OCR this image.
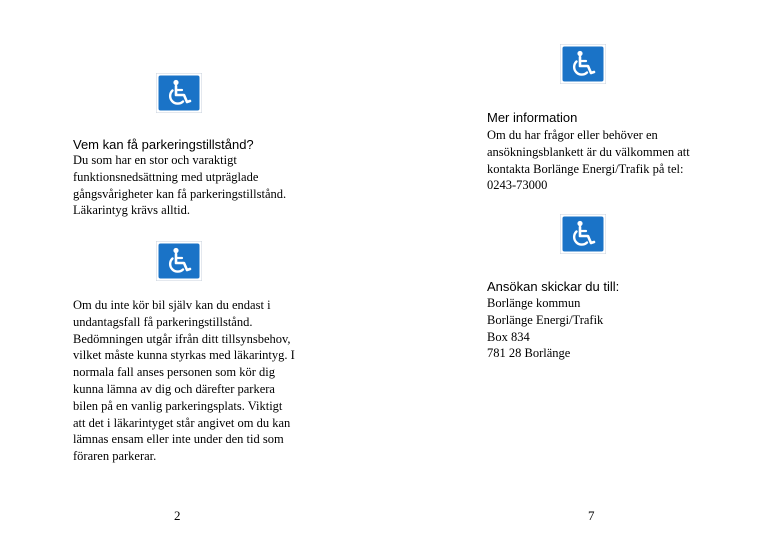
Vem kan få parkeringstillstånd?
Du som har en stor och varaktigt
funktionsnedsättning med utpräglade
gångsvårigheter kan få parkeringstillstånd.
Läkarintyg krävs alltid.
Om du inte kör bil själv kan du endast i
undantagsfall få parkeringstillstånd.
Bedömningen utgår ifrån ditt tillsynsbehov,
vilket måste kunna styrkas med läkarintyg. I
normala fall anses personen som kör dig
kunna lämna av dig och därefter parkera
bilen på en vanlig parkeringsplats. Viktigt
att det i läkarintyget står angivet om du kan
lämnas ensam eller inte under den tid som
föraren parkerar.
2
Mer information
Om du har frågor eller behöver en
ansökningsblankett är du välkommen att
kontakta Borlänge Energi/Trafik på tel:
0243-73000
Ansökan skickar du till:
Borlänge kommun
Borlänge Energi/Trafik
Box 834
781 28 Borlänge
7
